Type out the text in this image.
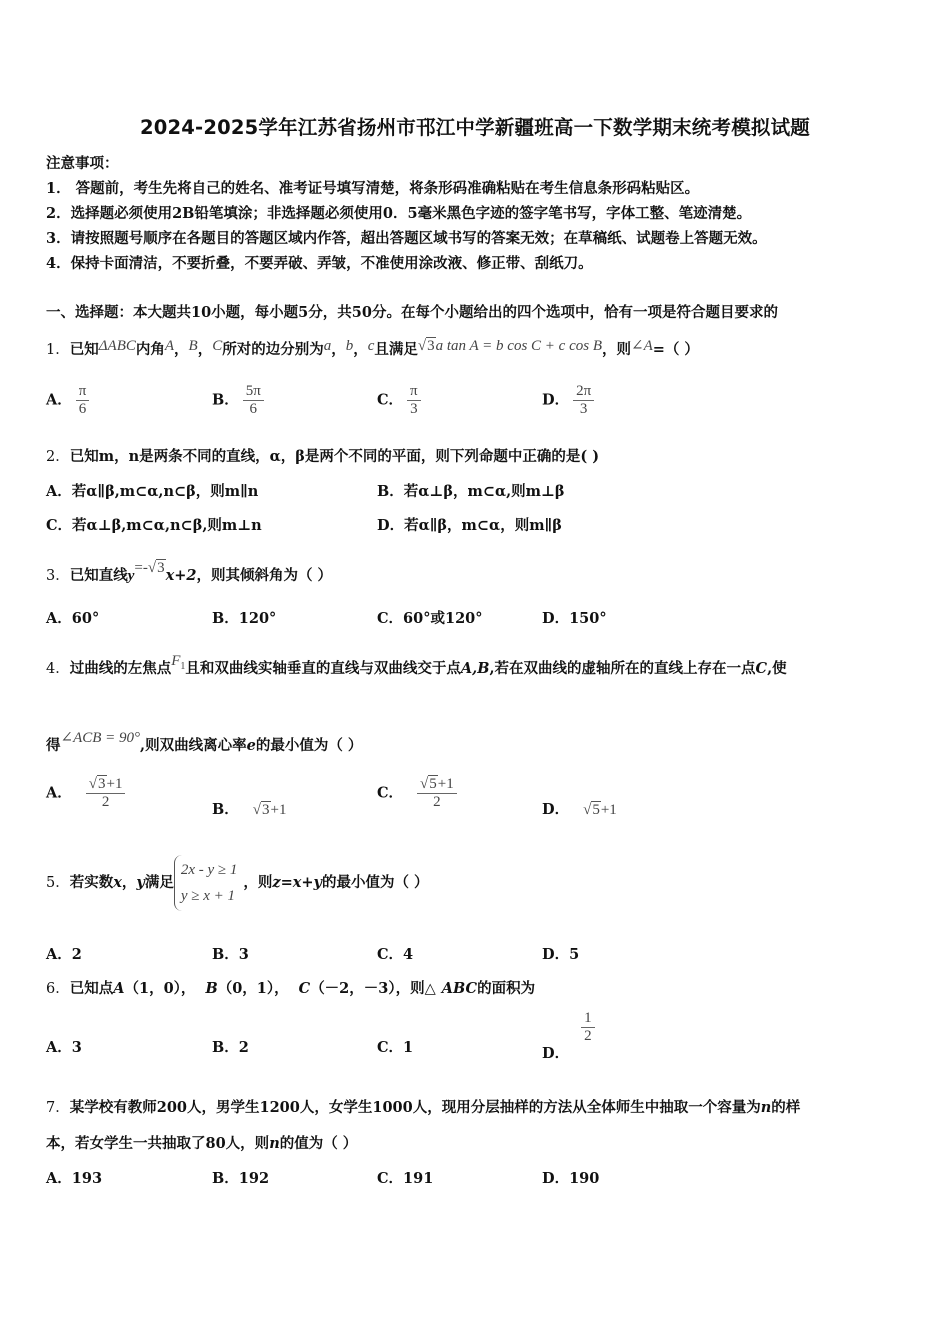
2024-2025学年江苏省扬州市邗江中学新疆班高一下数学期末统考模拟试题
注意事项：
1． 答题前，考生先将自己的姓名、准考证号填写清楚，将条形码准确粘贴在考生信息条形码粘贴区。
2．选择题必须使用2B铅笔填涂；非选择题必须使用0．5毫米黑色字迹的签字笔书写，字体工整、笔迹清楚。
3．请按照题号顺序在各题目的答题区域内作答，超出答题区域书写的答案无效；在草稿纸、试题卷上答题无效。
4．保持卡面清洁，不要折叠，不要弄破、弄皱，不准使用涂改液、修正带、刮纸刀。
一、选择题：本大题共10小题，每小题5分，共50分。在每个小题给出的四个选项中，恰有一项是符合题目要求的
1．已知ΔABC内角A，B，C所对的边分别为a，b，c且满足√3a tan A = b cos C + c cos B，则∠A=（ ）
A． $\frac{\pi}{6}$	B． $\frac{5\pi}{6}$	C． $\frac{\pi}{3}$	D． $\frac{2\pi}{3}$
2．已知m，n是两条不同的直线，α，β是两个不同的平面，则下列命题中正确的是( )
A．若α∥β,m⊂α,n⊂β，则m∥n	B．若α⊥β，m⊂α,则m⊥β
C．若α⊥β,m⊂α,n⊂β,则m⊥n	D．若α∥β，m⊂α，则m∥β
3．已知直线y=-√3x+2，则其倾斜角为（ ）
A．60°	B．120°	C．60°或120°	D．150°
4．过曲线的左焦点$F_1$且和双曲线实轴垂直的直线与双曲线交于点A,B,若在双曲线的虚轴所在的直线上存在一点C,使
得∠ACB = 90°,则双曲线离心率e的最小值为（ ）
A． $\frac{√3+1}{2}$	B． √3+1
C． $\frac{√5+1}{2}$	D． √5+1
5．若实数x，y满足
2x - y ≥ 1
y ≥ x + 1
，则z=x+y的最小值为（ ）
A．2	B．3	C．4	D．5
6．已知点A（1，0）， B（0，1）， C（－2，－3），则△ ABC的面积为
A．3	B．2	C．1	D．
$\frac{1}{2}$
7．某学校有教师200人，男学生1200人，女学生1000人，现用分层抽样的方法从全体师生中抽取一个容量为n的样
本，若女学生一共抽取了80人，则n的值为（ ）
A．193	B．192	C．191	D．190
